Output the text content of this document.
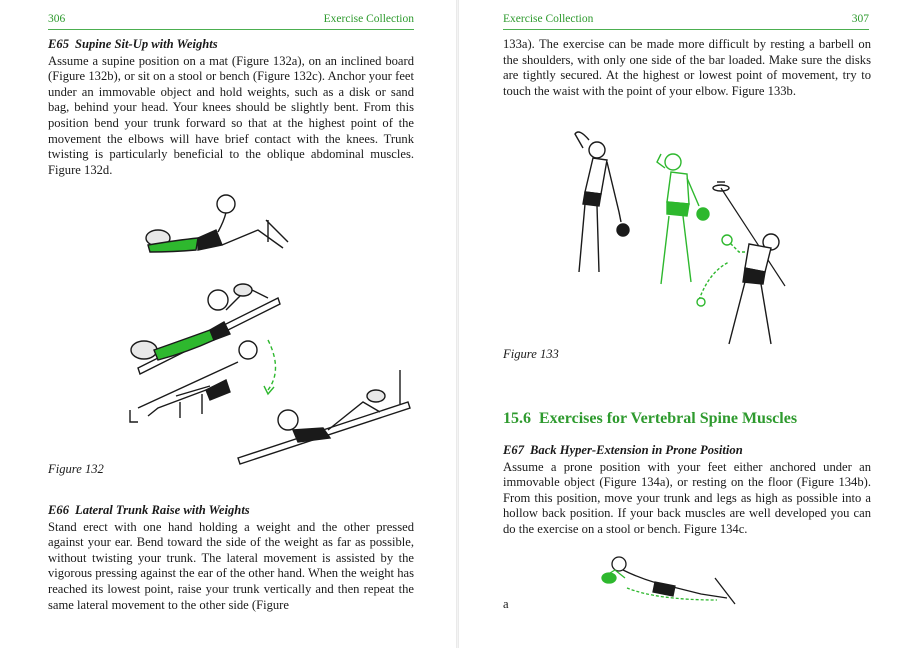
306	Exercise Collection
E65 Supine Sit-Up with Weights

Assume a supine position on a mat (Figure 132a), on an inclined board (Figure 132b), or sit on a stool or bench (Figure 132c). Anchor your feet under an immovable object and hold weights, such as a disk or sand bag, behind your head. Your knees should be slightly bent. From this position bend your trunk forward so that at the highest point of the movement the elbows will have brief contact with the knees. Trunk twisting is particularly beneficial to the oblique abdominal muscles. Figure 132d.

Figure 132
E66 Lateral Trunk Raise with Weights

Stand erect with one hand holding a weight and the other pressed against your ear. Bend toward the side of the weight as far as possible, without twisting your trunk. The lateral movement is assisted by the vigorous pressing against the ear of the other hand. When the weight has reached its lowest point, raise your trunk vertically and then repeat the same lateral movement to the other side (Figure

Exercise Collection	307

133a). The exercise can be made more difficult by resting a barbell on the shoulders, with only one side of the bar loaded. Make sure the disks are tightly secured. At the highest or lowest point of movement, try to touch the waist with the point of your elbow. Figure 133b.

Figure 133
15.6 Exercises for Vertebral Spine Muscles
E67 Back Hyper-Extension in Prone Position

Assume a prone position with your feet either anchored under an immovable object (Figure 134a), or resting on the floor (Figure 134b). From this position, move your trunk and legs as high as possible into a hollow back position. If your back muscles are well developed you can do the exercise on a stool or bench. Figure 134c.

a
